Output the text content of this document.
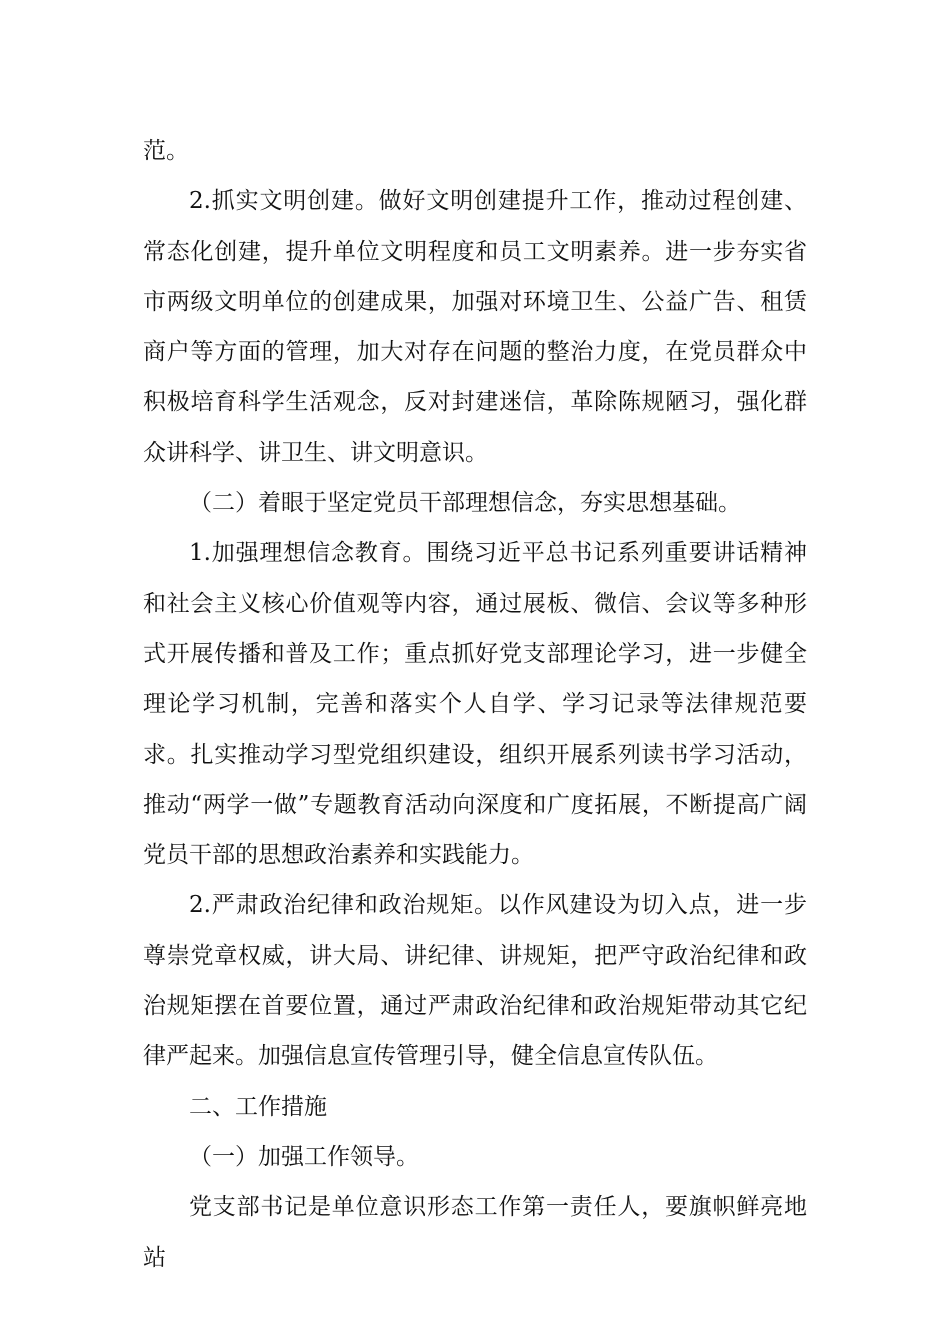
范。

2.抓实文明创建。做好文明创建提升工作，推动过程创建、常态化创建，提升单位文明程度和员工文明素养。进一步夯实省市两级文明单位的创建成果，加强对环境卫生、公益广告、租赁商户等方面的管理，加大对存在问题的整治力度，在党员群众中积极培育科学生活观念，反对封建迷信，革除陈规陋习，强化群众讲科学、讲卫生、讲文明意识。

（二）着眼于坚定党员干部理想信念，夯实思想基础。

1.加强理想信念教育。围绕习近平总书记系列重要讲话精神和社会主义核心价值观等内容，通过展板、微信、会议等多种形式开展传播和普及工作；重点抓好党支部理论学习，进一步健全理论学习机制，完善和落实个人自学、学习记录等法律规范要求。扎实推动学习型党组织建设，组织开展系列读书学习活动，推动“两学一做”专题教育活动向深度和广度拓展，不断提高广阔党员干部的思想政治素养和实践能力。

2.严肃政治纪律和政治规矩。以作风建设为切入点，进一步尊崇党章权威，讲大局、讲纪律、讲规矩，把严守政治纪律和政治规矩摆在首要位置，通过严肃政治纪律和政治规矩带动其它纪律严起来。加强信息宣传管理引导，健全信息宣传队伍。

二、工作措施

（一）加强工作领导。

党支部书记是单位意识形态工作第一责任人，要旗帜鲜亮地站
